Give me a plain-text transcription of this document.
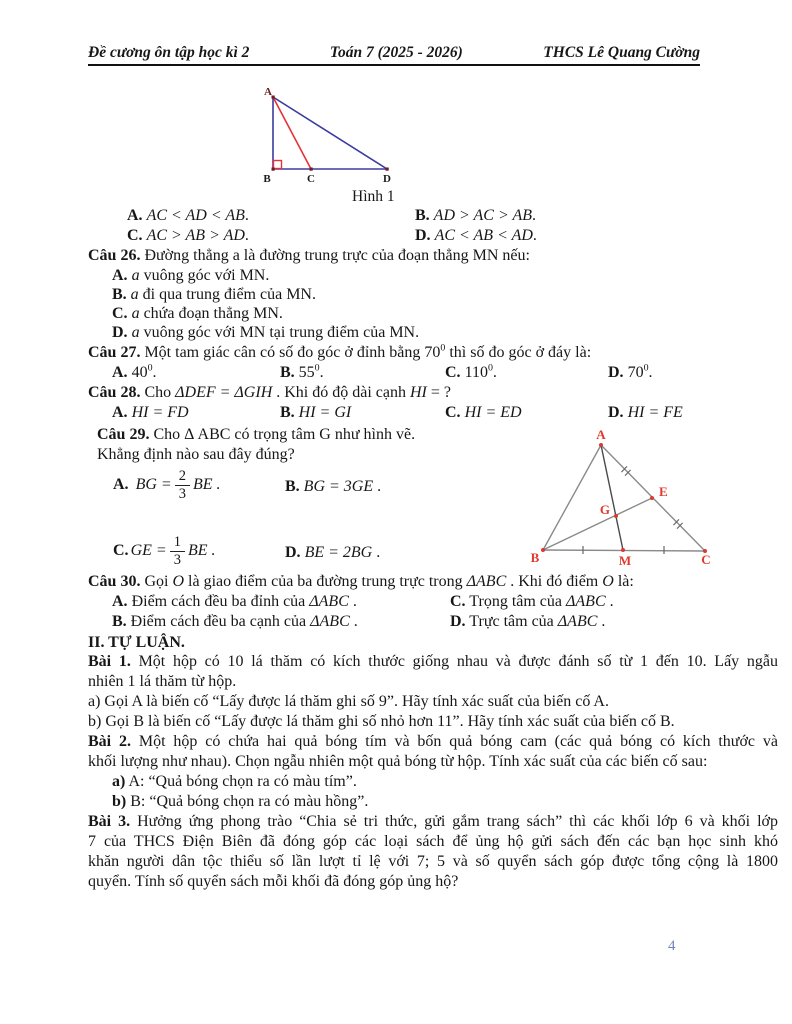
Đề cương ôn tập học kì 2	Toán 7 (2025 - 2026)	THCS Lê Quang Cường
A
B	C	D
Hình 1
A. AC < AD < AB.	B. AD > AC > AB.
C. AC > AB > AD.	D. AC < AB < AD.
Câu 26. Đường thẳng a là đường trung trực của đoạn thẳng MN nếu:
A. a vuông góc với MN.
B. a đi qua trung điểm của MN.
C. a chứa đoạn thẳng MN.
D. a vuông góc với MN tại trung điểm của MN.
Câu 27. Một tam giác cân có số đo góc ở đỉnh bằng $70^0$ thì số đo góc ở đáy là:
A. $40^0$.	B. $55^0$.	C. $110^0$.	D. $70^0$.
Câu 28. Cho ΔDEF = ΔGIH . Khi đó độ dài cạnh HI = ?
A. HI = FD	B. HI = GI	C. HI = ED	D. HI = FE
Câu 29. Cho Δ ABC có trọng tâm G như hình vẽ.
Khẳng định nào sau đây đúng?
A
B	C
M
E
G
A. BG = $\frac{2}{3}$ BE .	B. BG = 3GE .
C. GE = $\frac{1}{3}$ BE .	D. BE = 2BG .
Câu 30. Gọi O là giao điểm của ba đường trung trực trong ΔABC . Khi đó điểm O là:
A. Điểm cách đều ba đỉnh của ΔABC .	C. Trọng tâm của ΔABC .
B. Điểm cách đều ba cạnh của ΔABC .	D. Trực tâm của ΔABC .
II. TỰ LUẬN.
Bài 1. Một hộp có 10 lá thăm có kích thước giống nhau và được đánh số từ 1 đến 10. Lấy ngẫu
nhiên 1 lá thăm từ hộp.
a) Gọi A là biến cố “Lấy được lá thăm ghi số 9”. Hãy tính xác suất của biến cố A.
b) Gọi B là biến cố “Lấy được lá thăm ghi số nhỏ hơn 11”. Hãy tính xác suất của biến cố B.
Bài 2. Một hộp có chứa hai quả bóng tím và bốn quả bóng cam (các quả bóng có kích thước và
khối lượng như nhau). Chọn ngẫu nhiên một quả bóng từ hộp. Tính xác suất của các biến cố sau:
a) A: “Quả bóng chọn ra có màu tím”.
b) B: “Quả bóng chọn ra có màu hồng”.
Bài 3. Hưởng ứng phong trào “Chia sẻ tri thức, gửi gắm trang sách” thì các khối lớp 6 và khối lớp
7 của THCS Điện Biên đã đóng góp các loại sách để ủng hộ gửi sách đến các bạn học sinh khó
khăn người dân tộc thiểu số lần lượt tỉ lệ với 7; 5 và số quyển sách góp được tổng cộng là 1800
quyển. Tính số quyển sách mỗi khối đã đóng góp ủng hộ?
4
